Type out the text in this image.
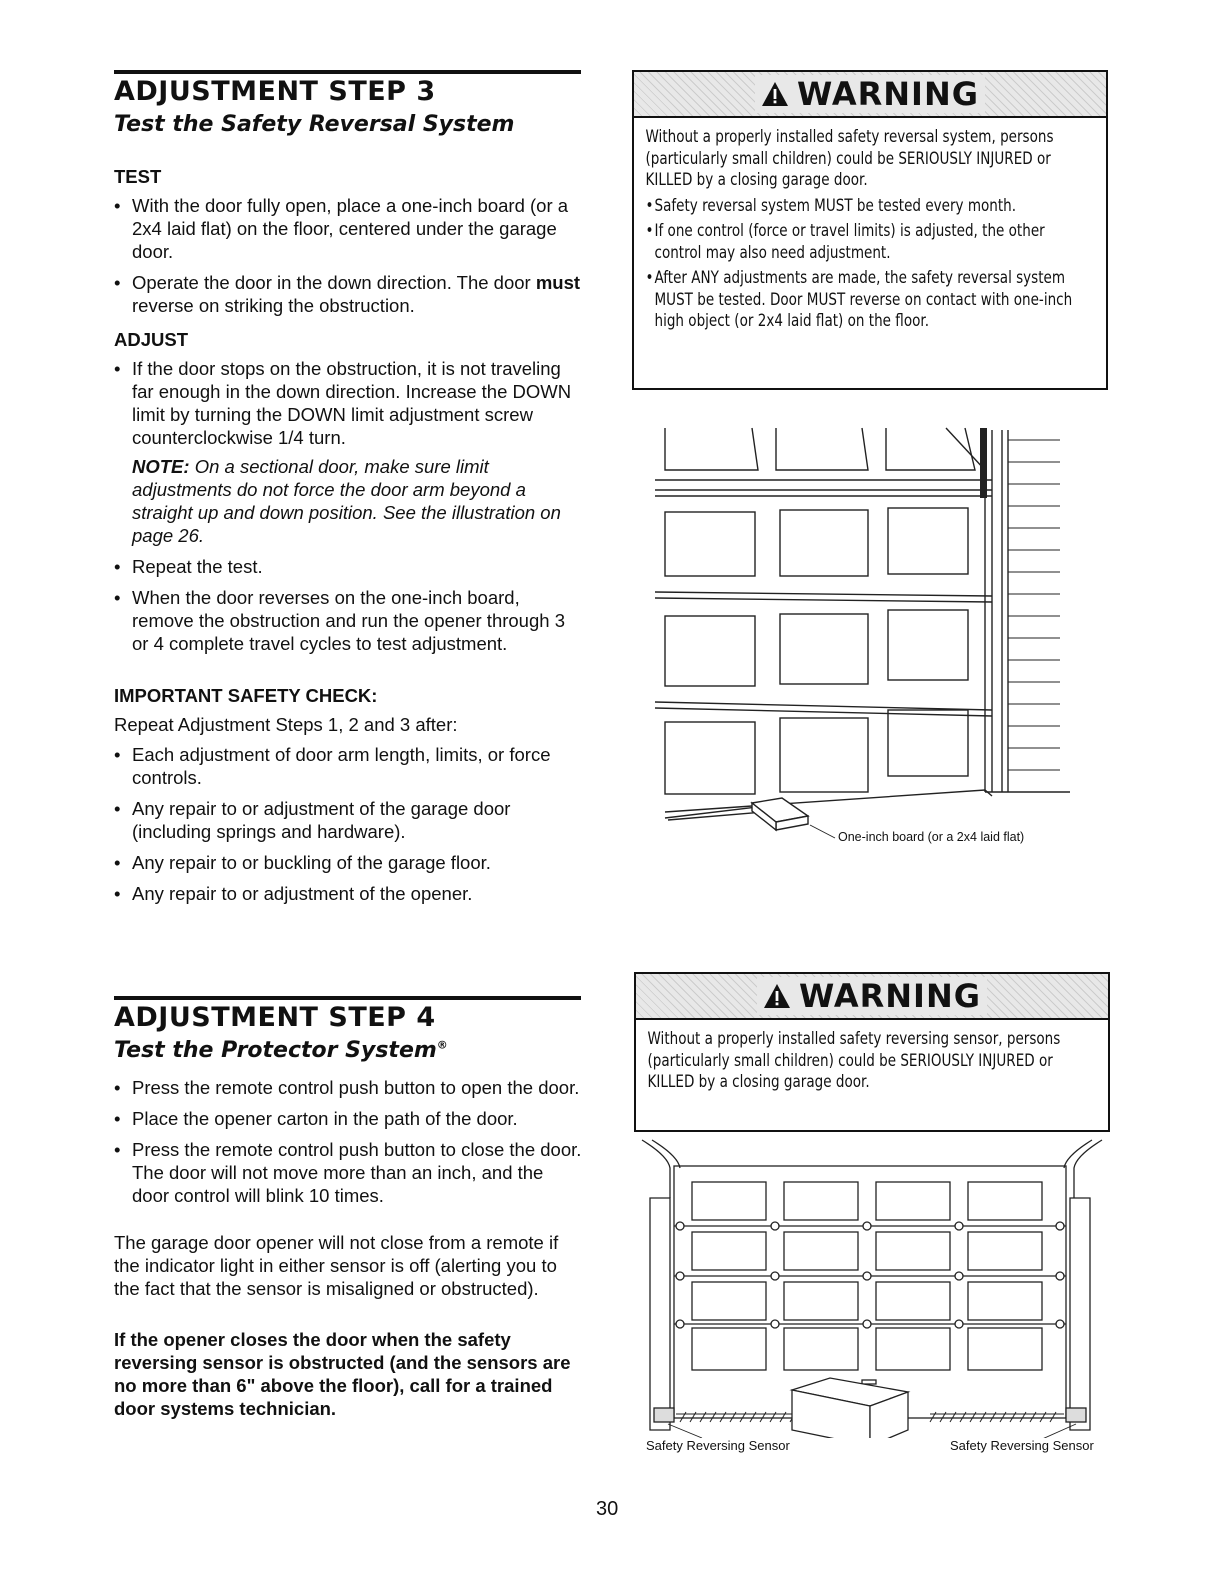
ADJUSTMENT STEP 3
Test the Safety Reversal System
TEST
• With the door fully open, place a one-inch board (or a 2x4 laid flat) on the floor, centered under the garage door.
• Operate the door in the down direction. The door must reverse on striking the obstruction.
ADJUST
• If the door stops on the obstruction, it is not traveling far enough in the down direction. Increase the DOWN limit by turning the DOWN limit adjustment screw counterclockwise 1/4 turn.
NOTE: On a sectional door, make sure limit adjustments do not force the door arm beyond a straight up and down position. See the illustration on page 26.
• Repeat the test.
• When the door reverses on the one-inch board, remove the obstruction and run the opener through 3 or 4 complete travel cycles to test adjustment.
IMPORTANT SAFETY CHECK:

Repeat Adjustment Steps 1, 2 and 3 after:

• Each adjustment of door arm length, limits, or force controls.
• Any repair to or adjustment of the garage door (including springs and hardware).
• Any repair to or buckling of the garage floor.
• Any repair to or adjustment of the opener.
WARNING

Without a properly installed safety reversal system, persons (particularly small children) could be SERIOUSLY INJURED or KILLED by a closing garage door.

• Safety reversal system MUST be tested every month.
• If one control (force or travel limits) is adjusted, the other control may also need adjustment.
• After ANY adjustments are made, the safety reversal system MUST be tested. Door MUST reverse on contact with one-inch high object (or 2x4 laid flat) on the floor.
One-inch board (or a 2x4 laid flat)
ADJUSTMENT STEP 4
Test the Protector System®
• Press the remote control push button to open the door.
• Place the opener carton in the path of the door.
• Press the remote control push button to close the door. The door will not move more than an inch, and the door control will blink 10 times.

The garage door opener will not close from a remote if the indicator light in either sensor is off (alerting you to the fact that the sensor is misaligned or obstructed).

If the opener closes the door when the safety reversing sensor is obstructed (and the sensors are no more than 6" above the floor), call for a trained door systems technician.

WARNING

Without a properly installed safety reversing sensor, persons (particularly small children) could be SERIOUSLY INJURED or KILLED by a closing garage door.

Safety Reversing Sensor	Safety Reversing Sensor
30
